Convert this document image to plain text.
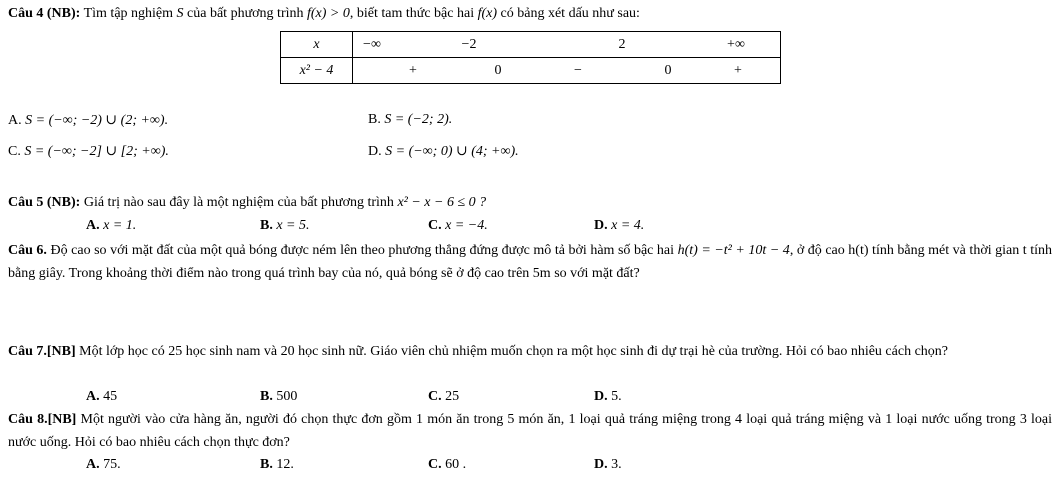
Câu 4 (NB): Tìm tập nghiệm S của bất phương trình f(x) > 0, biết tam thức bậc hai f(x) có bảng xét dấu như sau:
x	−∞ −2 2 +∞

x² − 4	+ 0 − 0 +
A. S = (−∞; −2) ∪ (2; +∞).	B. S = (−2; 2).
C. S = (−∞; −2] ∪ [2; +∞).	D. S = (−∞; 0) ∪ (4; +∞).
Câu 5 (NB): Giá trị nào sau đây là một nghiệm của bất phương trình x² − x − 6 ≤ 0 ?
A. x = 1.	B. x = 5.	C. x = −4.	D. x = 4.
Câu 6. Độ cao so với mặt đất của một quả bóng được ném lên theo phương thẳng đứng được mô tả bởi hàm số bậc hai h(t) = −t² + 10t − 4, ở độ cao h(t) tính bằng mét và thời gian t tính bằng giây. Trong khoảng thời điểm nào trong quá trình bay của nó, quả bóng sẽ ở độ cao trên 5m so với mặt đất?
Câu 7.[NB] Một lớp học có 25 học sinh nam và 20 học sinh nữ. Giáo viên chủ nhiệm muốn chọn ra một học sinh đi dự trại hè của trường. Hỏi có bao nhiêu cách chọn?
A. 45	B. 500	C. 25	D. 5.
Câu 8.[NB] Một người vào cửa hàng ăn, người đó chọn thực đơn gồm 1 món ăn trong 5 món ăn, 1 loại quả tráng miệng trong 4 loại quả tráng miệng và 1 loại nước uống trong 3 loại nước uống. Hỏi có bao nhiêu cách chọn thực đơn?
A. 75.	B. 12.	C. 60 .	D. 3.
